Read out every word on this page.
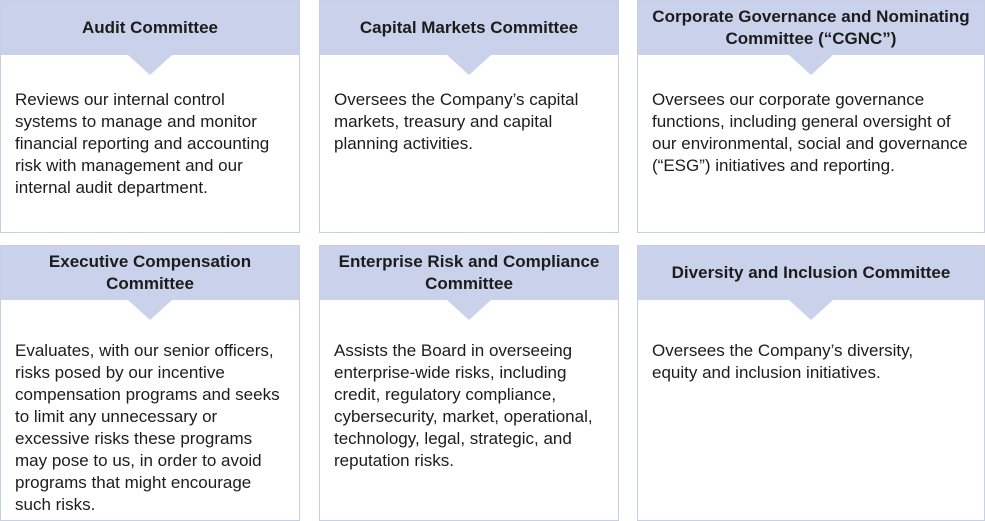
Audit Committee
Reviews our internal control systems to manage and monitor financial reporting and accounting risk with management and our internal audit department.
Capital Markets Committee
Oversees the Company’s capital markets, treasury and capital planning activities.
Corporate Governance and Nominating Committee (“CGNC”)
Oversees our corporate governance functions, including general oversight of our environmental, social and governance (“ESG”) initiatives and reporting.
Executive Compensation Committee
Evaluates, with our senior officers, risks posed by our incentive compensation programs and seeks to limit any unnecessary or excessive risks these programs may pose to us, in order to avoid programs that might encourage such risks.
Enterprise Risk and Compliance Committee
Assists the Board in overseeing enterprise-wide risks, including credit, regulatory compliance, cybersecurity, market, operational, technology, legal, strategic, and reputation risks.
Diversity and Inclusion Committee
Oversees the Company’s diversity, equity and inclusion initiatives.
